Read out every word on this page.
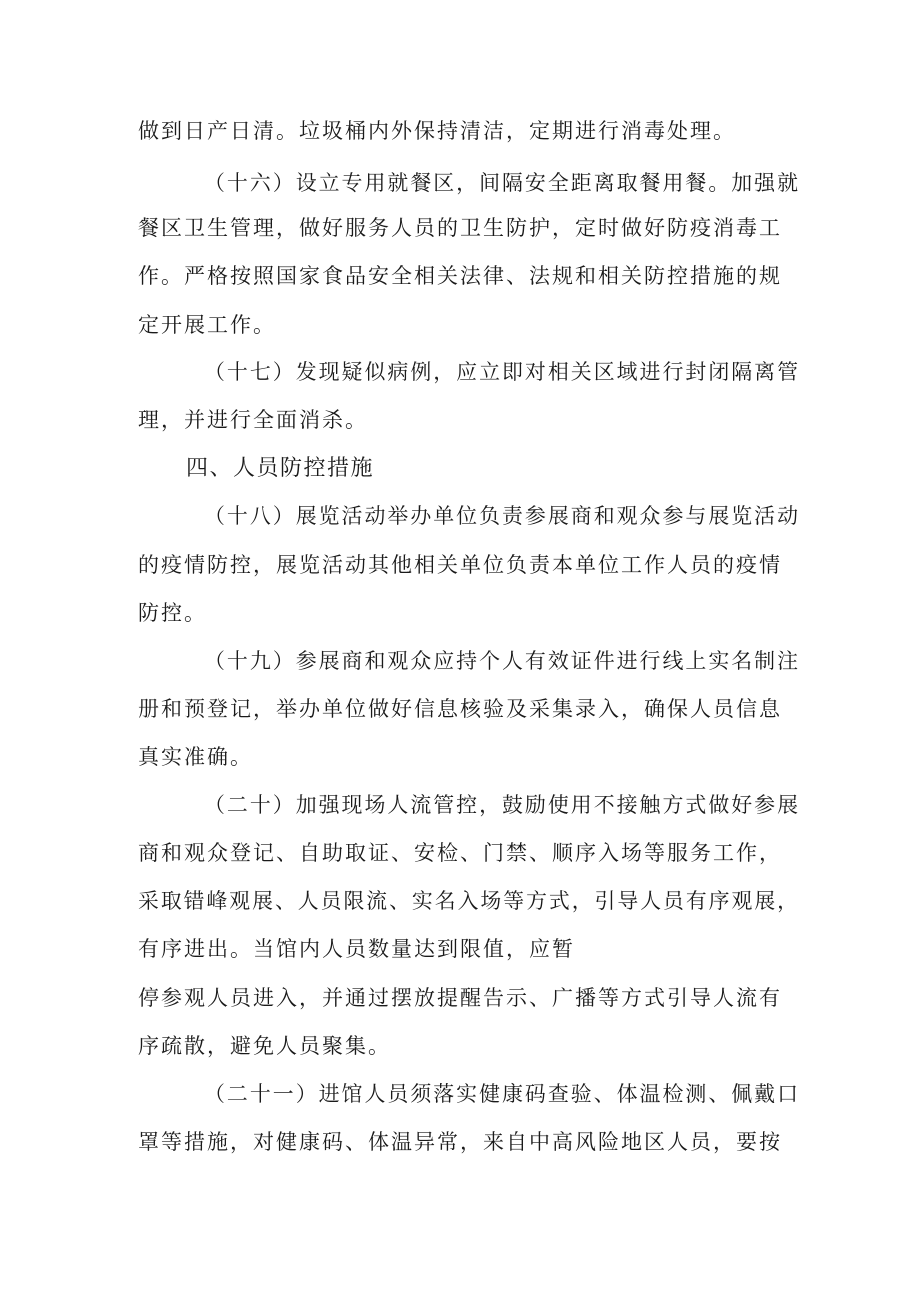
做到日产日清。垃圾桶内外保持清洁，定期进行消毒处理。
（十六）设立专用就餐区，间隔安全距离取餐用餐。加强就
餐区卫生管理，做好服务人员的卫生防护，定时做好防疫消毒工
作。严格按照国家食品安全相关法律、法规和相关防控措施的规
定开展工作。
（十七）发现疑似病例，应立即对相关区域进行封闭隔离管
理，并进行全面消杀。
四、人员防控措施
（十八）展览活动举办单位负责参展商和观众参与展览活动
的疫情防控，展览活动其他相关单位负责本单位工作人员的疫情
防控。
（十九）参展商和观众应持个人有效证件进行线上实名制注
册和预登记，举办单位做好信息核验及采集录入，确保人员信息
真实准确。
（二十）加强现场人流管控，鼓励使用不接触方式做好参展
商和观众登记、自助取证、安检、门禁、顺序入场等服务工作，
采取错峰观展、人员限流、实名入场等方式，引导人员有序观展，
有序进出。当馆内人员数量达到限值，应暂
停参观人员进入，并通过摆放提醒告示、广播等方式引导人流有
序疏散，避免人员聚集。
（二十一）进馆人员须落实健康码查验、体温检测、佩戴口
罩等措施，对健康码、体温异常，来自中高风险地区人员，要按
